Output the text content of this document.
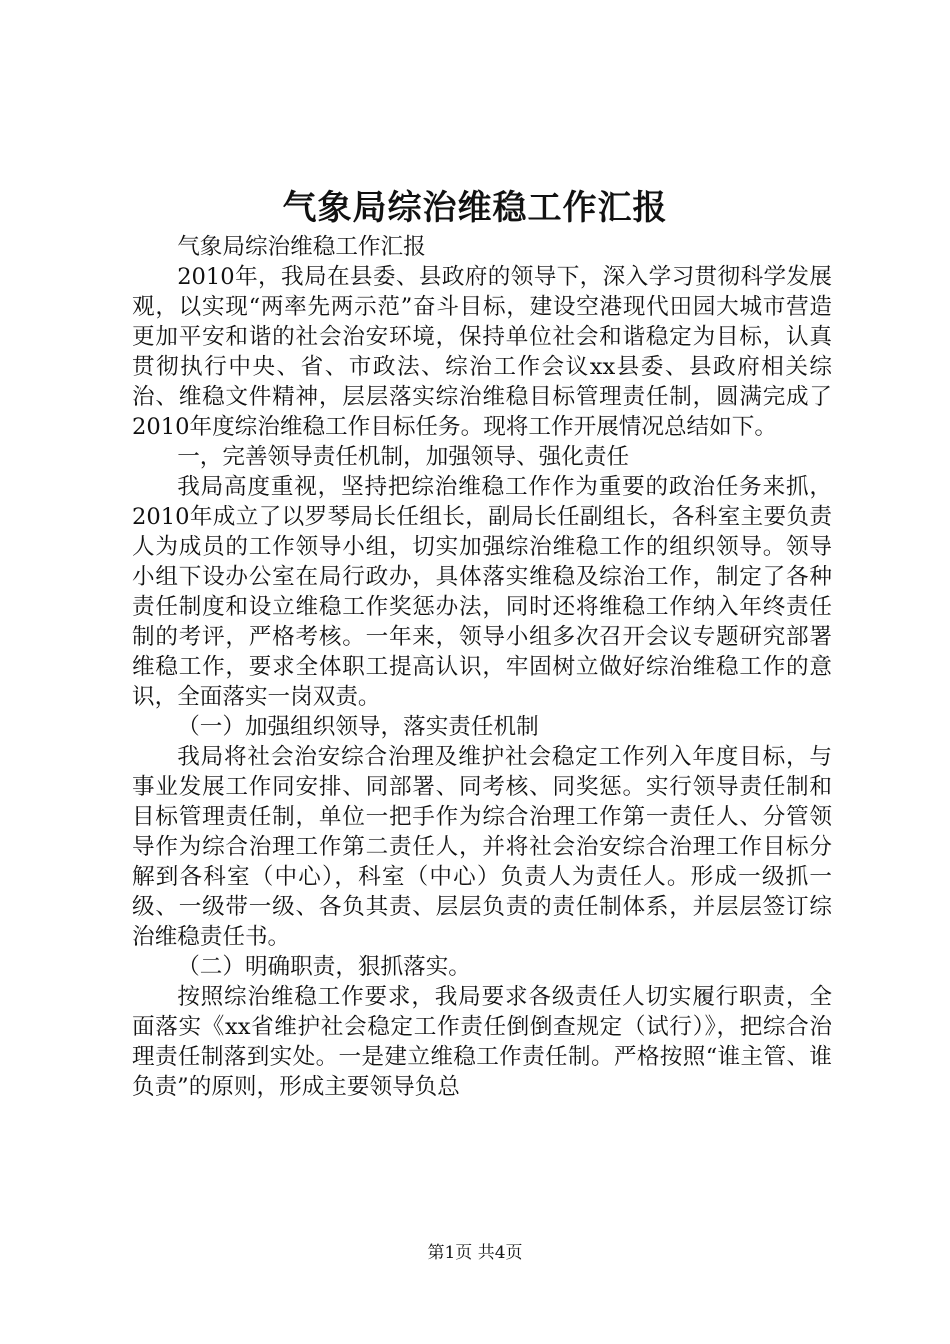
气象局综治维稳工作汇报

气象局综治维稳工作汇报

2010年，我局在县委、县政府的领导下，深入学习贯彻科学发展观，以实现“两率先两示范”奋斗目标，建设空港现代田园大城市营造更加平安和谐的社会治安环境，保持单位社会和谐稳定为目标，认真贯彻执行中央、省、市政法、综治工作会议xx县委、县政府相关综治、维稳文件精神，层层落实综治维稳目标管理责任制，圆满完成了2010年度综治维稳工作目标任务。现将工作开展情况总结如下。

一，完善领导责任机制，加强领导、强化责任

我局高度重视，坚持把综治维稳工作作为重要的政治任务来抓，2010年成立了以罗琴局长任组长，副局长任副组长，各科室主要负责人为成员的工作领导小组，切实加强综治维稳工作的组织领导。领导小组下设办公室在局行政办，具体落实维稳及综治工作，制定了各种责任制度和设立维稳工作奖惩办法，同时还将维稳工作纳入年终责任制的考评，严格考核。一年来，领导小组多次召开会议专题研究部署维稳工作，要求全体职工提高认识，牢固树立做好综治维稳工作的意识，全面落实一岗双责。

（一）加强组织领导，落实责任机制

我局将社会治安综合治理及维护社会稳定工作列入年度目标，与事业发展工作同安排、同部署、同考核、同奖惩。实行领导责任制和目标管理责任制，单位一把手作为综合治理工作第一责任人、分管领导作为综合治理工作第二责任人，并将社会治安综合治理工作目标分解到各科室（中心），科室（中心）负责人为责任人。形成一级抓一级、一级带一级、各负其责、层层负责的责任制体系，并层层签订综治维稳责任书。

（二）明确职责，狠抓落实。

按照综治维稳工作要求，我局要求各级责任人切实履行职责，全面落实《xx省维护社会稳定工作责任倒倒查规定（试行）》，把综合治理责任制落到实处。一是建立维稳工作责任制。严格按照“谁主管、谁负责”的原则，形成主要领导负总

第1页 共4页
